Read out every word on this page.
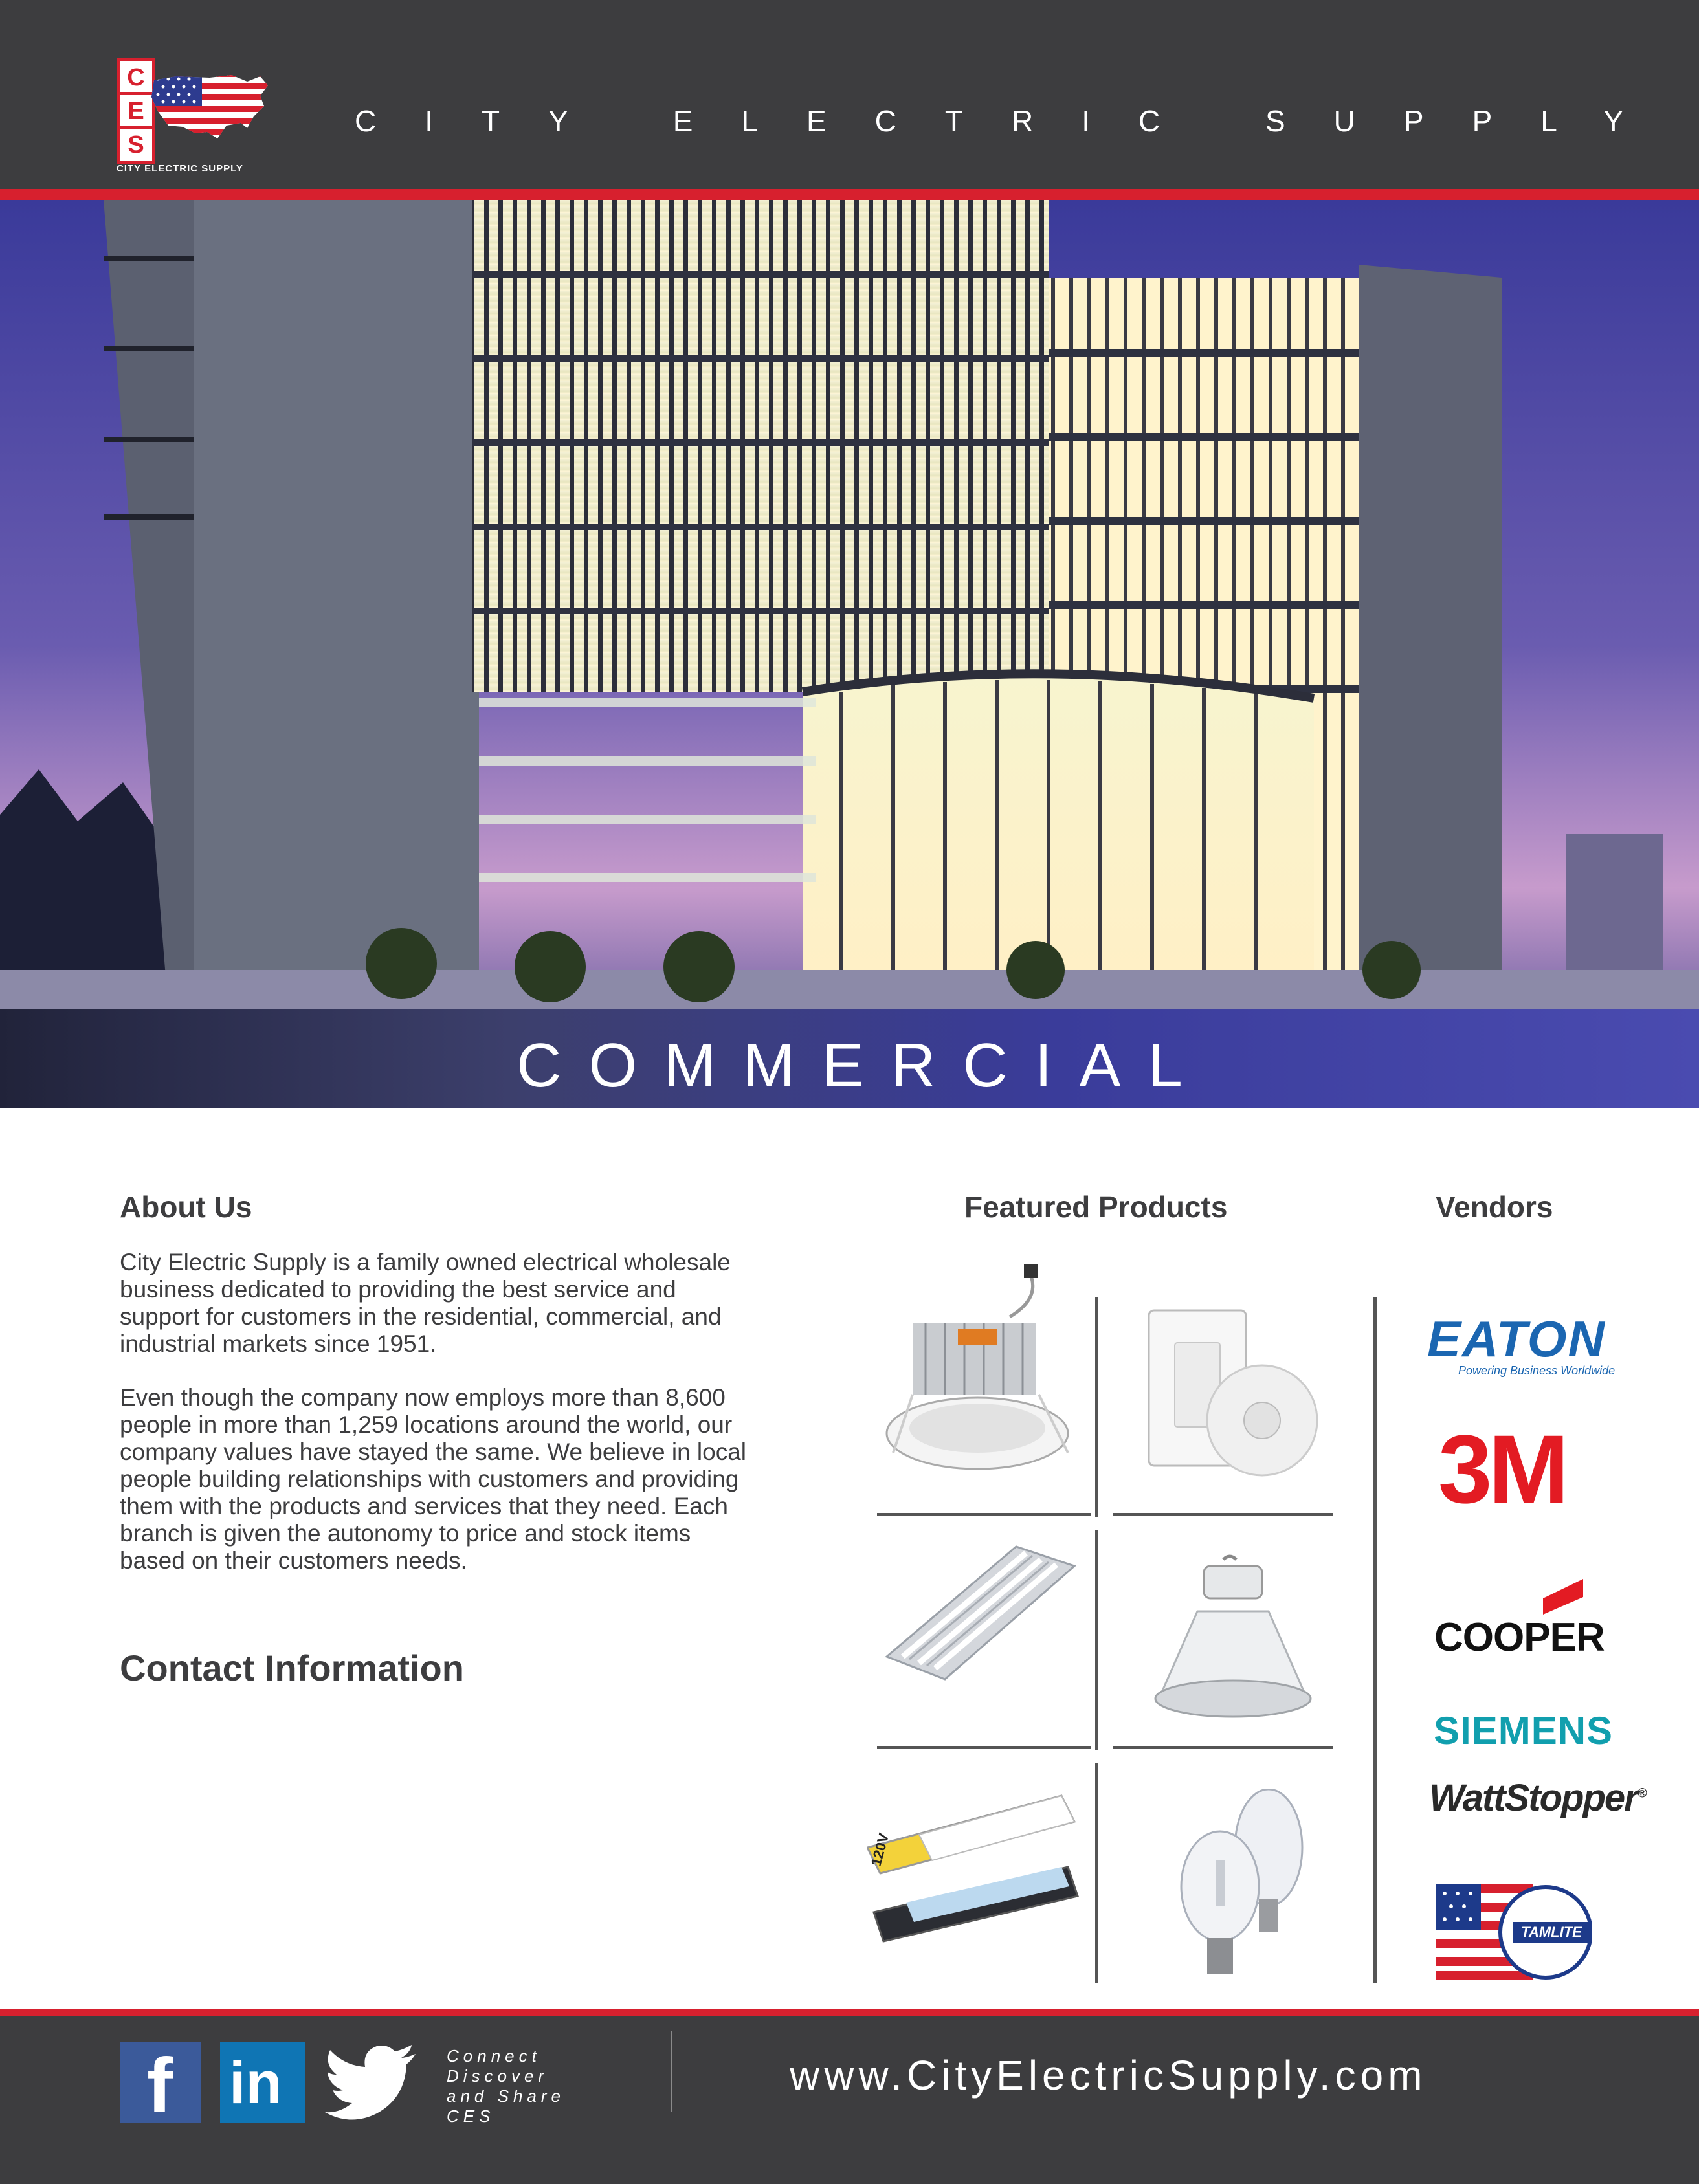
C
E
S
CITY ELECTRIC SUPPLY
CITY ELECTRIC SUPPLY
COMMERCIAL
About Us

City Electric Supply is a family owned electrical wholesale business dedicated to providing the best service and support for customers in the residential, commercial, and industrial markets since 1951.

Even though the company now employs more than 8,600 people in more than 1,259 locations around the world, our company values have stayed the same. We believe in local people building relationships with customers and providing them with the products and services that they need. Each branch is given the autonomy to price and stock items based on their customers needs.

Contact Information
Featured Products
120V
Vendors
EATON
Powering Business Worldwide
3M
COOPER
SIEMENS
WattStopper®
TAMLITE
f in	Connect
Discover
and Share
CES
www.CityElectricSupply.com
